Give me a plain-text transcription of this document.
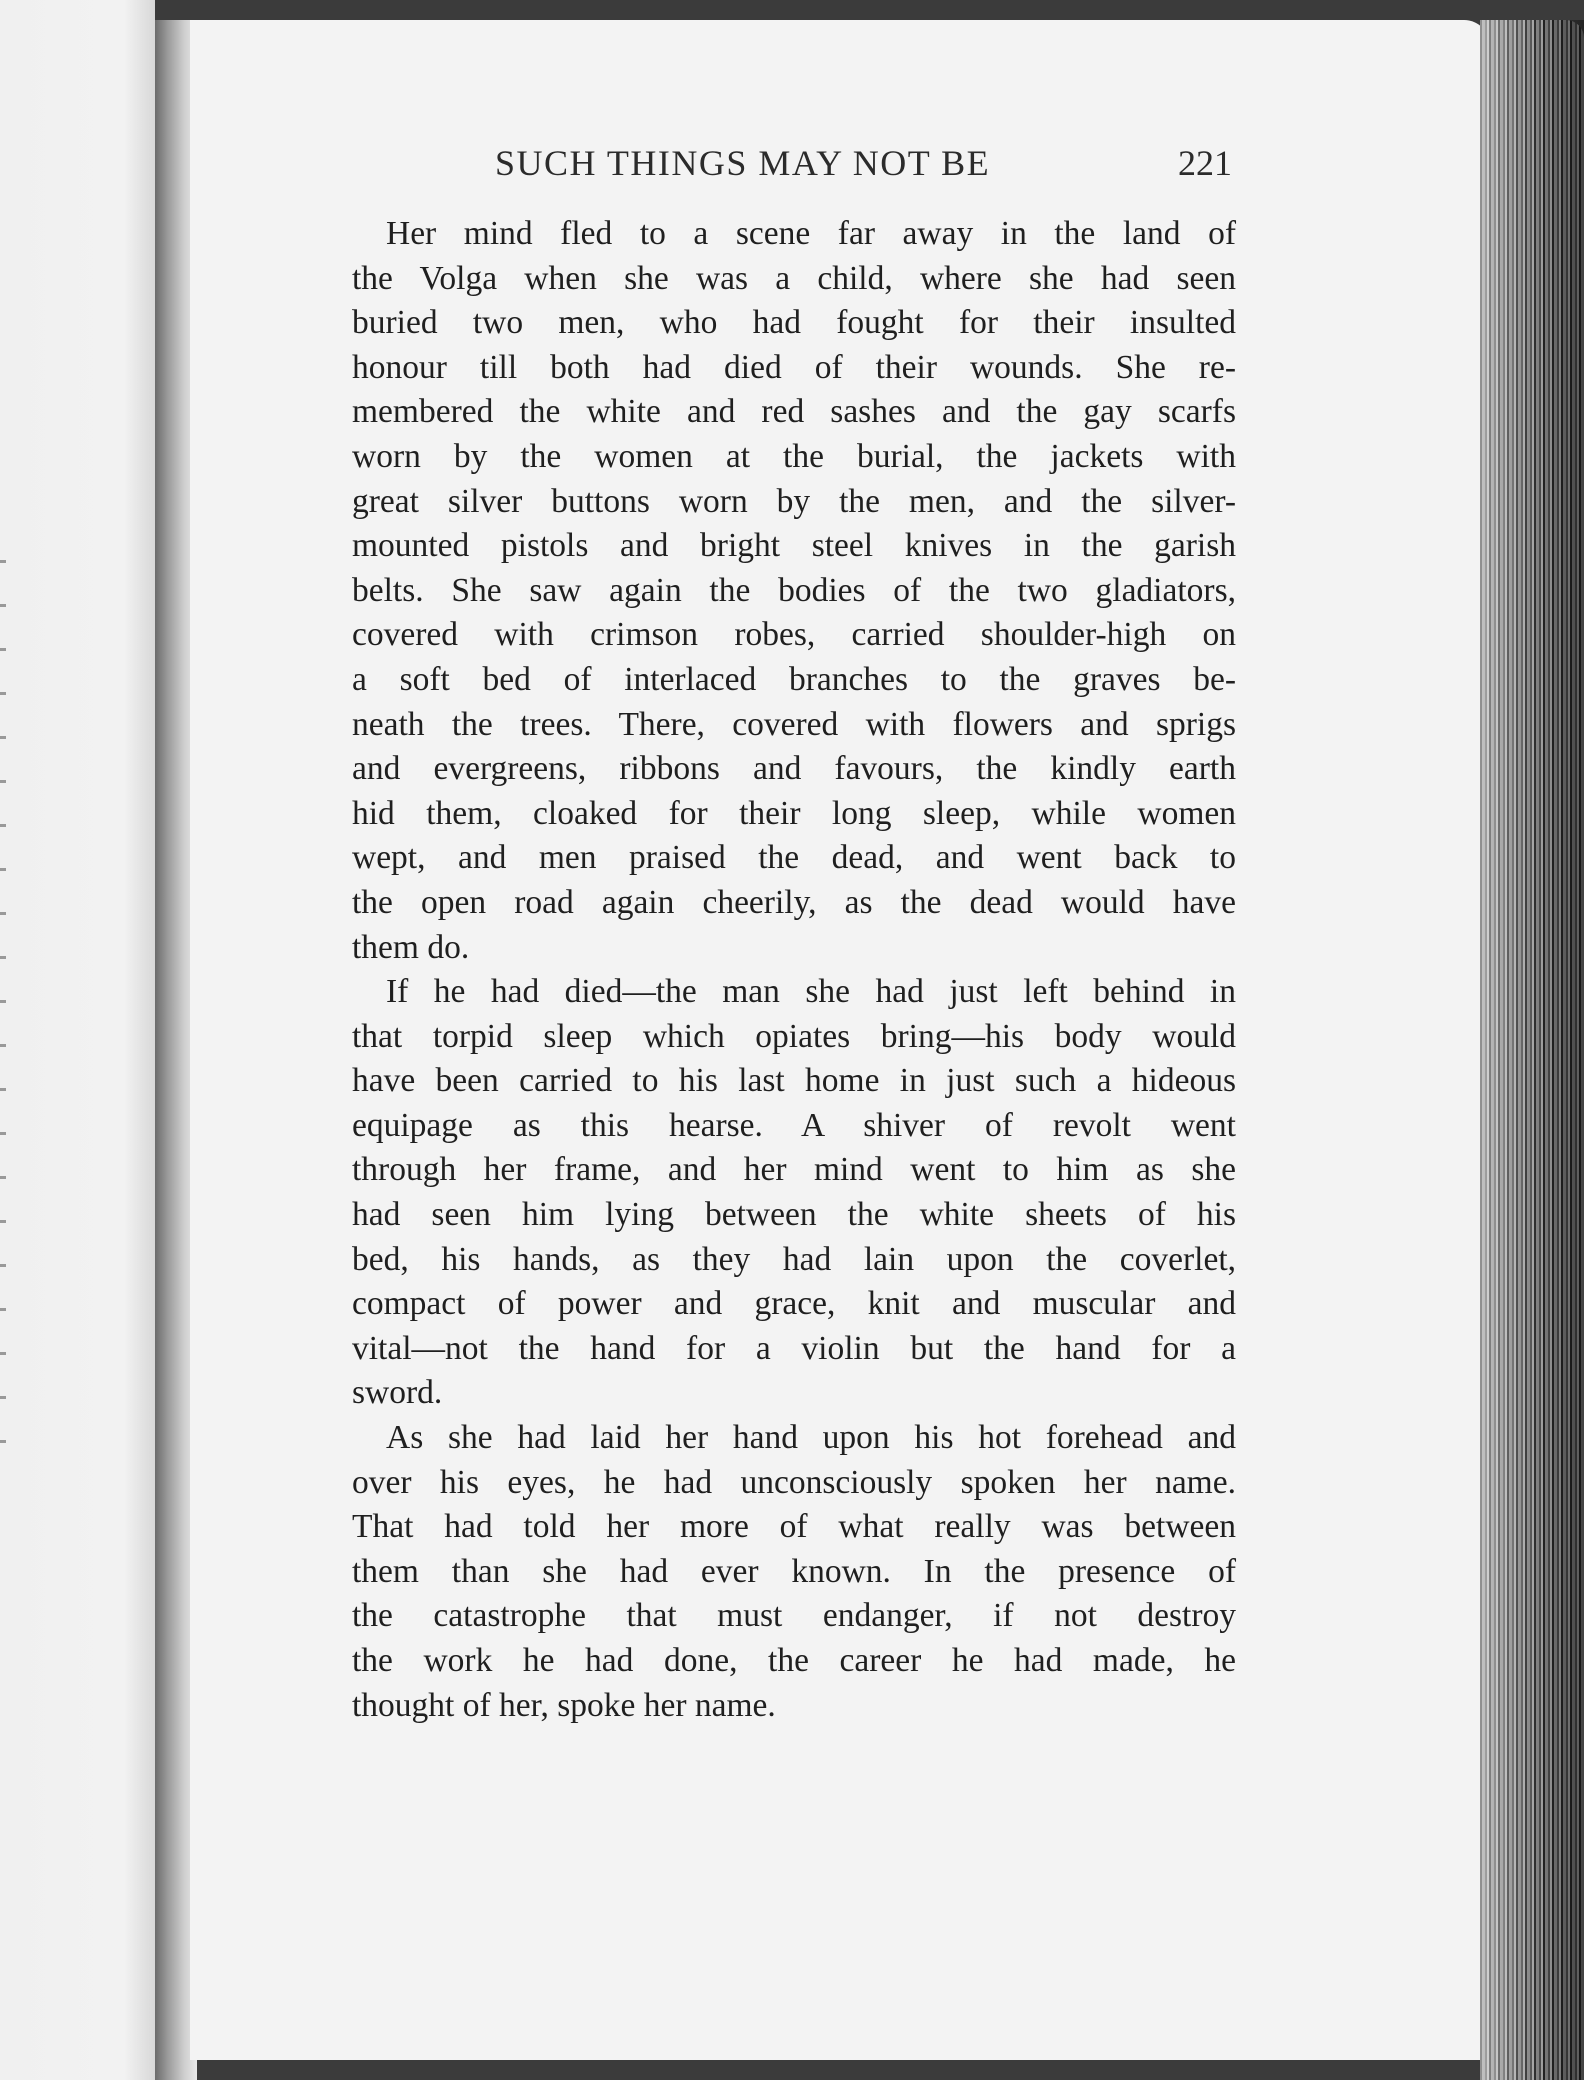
SUCH THINGS MAY NOT BE	221

Her mind fled to a scene far away in the land of
the Volga when she was a child, where she had seen
buried two men, who had fought for their insulted
honour till both had died of their wounds. She re-
membered the white and red sashes and the gay scarfs
worn by the women at the burial, the jackets with
great silver buttons worn by the men, and the silver-
mounted pistols and bright steel knives in the garish
belts. She saw again the bodies of the two gladiators,
covered with crimson robes, carried shoulder-high on
a soft bed of interlaced branches to the graves be-
neath the trees. There, covered with flowers and sprigs
and evergreens, ribbons and favours, the kindly earth
hid them, cloaked for their long sleep, while women
wept, and men praised the dead, and went back to
the open road again cheerily, as the dead would have
them do.

If he had died—the man she had just left behind in
that torpid sleep which opiates bring—his body would
have been carried to his last home in just such a hideous
equipage as this hearse. A shiver of revolt went
through her frame, and her mind went to him as she
had seen him lying between the white sheets of his
bed, his hands, as they had lain upon the coverlet,
compact of power and grace, knit and muscular and
vital—not the hand for a violin but the hand for a
sword.

As she had laid her hand upon his hot forehead and
over his eyes, he had unconsciously spoken her name.
That had told her more of what really was between
them than she had ever known. In the presence of
the catastrophe that must endanger, if not destroy
the work he had done, the career he had made, he
thought of her, spoke her name.
